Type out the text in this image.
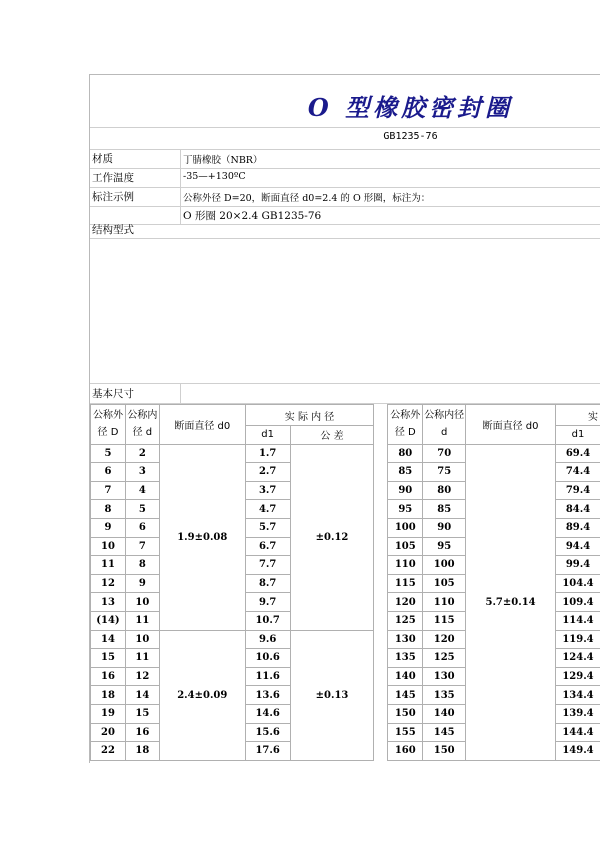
O 型橡胶密封圈
GB1235-76
材质	丁腈橡胶（NBR）
工作温度	-35—+130ºC
标注示例	公称外径 D=20，断面直径 d0=2.4 的 O 形圈，标注为：
O 形圈 20×2.4 GB1235-76
结构型式
基本尺寸
公称外径 D	公称内径 d	断面直径 d0	实 际 内 径			公称外径 D	公称内径 d	断面直径 d0	实
			d1	公 差					d1
5	2	1.9±0.08	1.7	±0.12		80	70	5.7±0.14	69.4
6	3		2.7			85	75		74.4
7	4		3.7			90	80		79.4
8	5		4.7			95	85		84.4
9	6		5.7			100	90		89.4
10	7		6.7			105	95		94.4
11	8		7.7			110	100		99.4
12	9		8.7			115	105		104.4
13	10		9.7			120	110		109.4
(14)	11		10.7			125	115		114.4
14	10	2.4±0.09	9.6	±0.13		130	120		119.4
15	11		10.6			135	125		124.4
16	12		11.6			140	130		129.4
18	14		13.6			145	135		134.4
19	15		14.6			150	140		139.4
20	16		15.6			155	145		144.4
22	18		17.6			160	150		149.4
